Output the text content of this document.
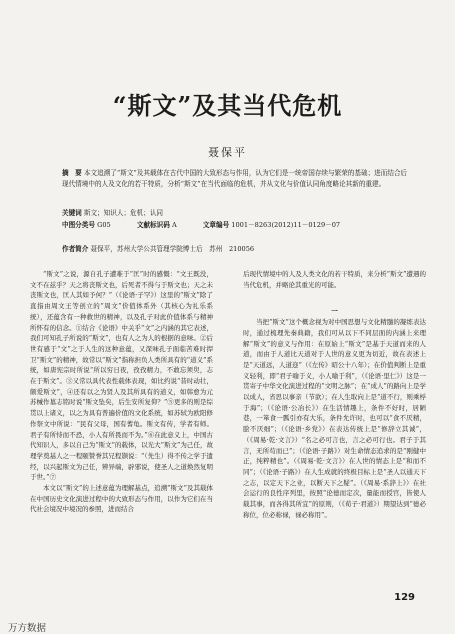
“斯文”及其当代危机
聂保平
摘　要 本文追溯了“斯文”及其载体在古代中国的大致形态与作用，认为它们是一统帝国存续与繁荣的基础；进而结合后现代情境中的人及文化的若干特质，分析“斯文”在当代面临的危机，并从文化与价值认同角度略论其新的重建。
关键词 斯文；知识人；危机；认同
中图分类号 G05	文献标识码 A	文章编号 1001－8263(2012)11－0129－07
作者简介 聂保平，苏州大学公共管理学院博士后　苏州　210056

“斯文”之说，源自孔子遭难于“匡”时的感慨：“文王既没，文不在兹乎？天之将丧斯文也，后死者不得与于斯文也；天之未丧斯文也，匡人其如予何？”（《论语·子罕》）这里的“斯文”除了直指由周文王等创立的“周文”价值体系外（其核心为礼乐系统），还蕴含有一种救世的精神，以及孔子对此价值体系与精神所怀有的信念。①结合《论语》中关乎“文”之内涵的其它表述，我们可知孔子所说的“斯文”，也有人之为人的根据的意味。②后世有感于“文”之于人生的这种意蕴，又深味孔子面临苦难时捍卫“斯文”的精神，故常以“斯文”指称担负人类所具有的“道义”系统，如唐宪宗时所说“所以穷日夜，孜孜精力，不敢忘须臾，志在于斯文”。③又常以具代表性载体表现，如比约说“昔时动壮，颇爱斯文”，④还有以之为贤人及其所具有的道义，如韩愈为元苏械作墓志铭时说“斯文坠矣，后生安所复仰？”⑤更多的则是综贯以上诸义，以之为具有普遍价值的文化系统，如苏轼为欧阳修作祭文中所说：“民有父母，国有蓍龟。斯文有传，学者有师。君子有所恃而不恐，小人有所畏而不为。”⑥在此意义上，中国古代知识人，多以自己为“斯文”的载体，以光大“斯文”为己任，故理学奠基人之一程颐赞誉其兄程颢说：“（先生）得不传之学于遗经，以兴起斯文为己任，辨异端，辟邪说，使圣人之道焕然复明于世。”⑦

本文以“斯文”的上述意蕴为理解基点，追溯“斯文”及其载体在中国历史文化演进过程中的大致形态与作用，以作为它们在当代社会境况中境况的参照，进而结合

后现代情境中的人及人类文化的若干特质，来分析“斯文”遭遇的当代危机，并略论其重光的可能。

一

当把“斯文”这个概念视为对中国思想与文化精髓的凝练表达时，通过梳理先秦典籍，我们可从以下不同层面的内涵上来理解“斯文”的意义与作用：在原始上“斯文”是基于天道而来的人道，而由于人道比天道对于人世的意义更为切近，故在表述上是“天道远，人道迩”（《左传》昭公十八年）；在价值判断上是重义轻利，即“君子喻于义，小人喻于利”，（《论语·里仁》）这是一贯寄子中华文化演进过程的“文明之脉”；在“成人”的路向上是学以成人，省思以事亲（节欲）；在人生取向上是“道不行，则乘桴于海”；（《论语·公冶长》）在生活情趣上，条件不好时，居陋巷，一箪食一瓢引亦有大乐，条件允许时，也可以“食不厌精，脍不厌细”；（《论语·乡党》）在表达传统上是“修辞立其诚”，（《周易·乾·文言》）“名之必可言也，言之必可行也。君子于其言，无所苟而已”；（《论语·子路》）对生命情态追求的是“刚健中正，纯粹精也”。（《周易·乾·文言》）在人世的情态上是“和而不同”；（《论语·子路》）在人生成就的终极目标上是“圣人以通天下之志，以定天下之业，以断天下之疑”。（《周易·系辞上》）在社会运行的良性序列里，按照“论德而定次，量能而授官，皆使人载其事，而各得其所宜”的原则，（《荀子·君道》）期望达到“德必称位，位必称禄，禄必称用”。

129
万方数据
